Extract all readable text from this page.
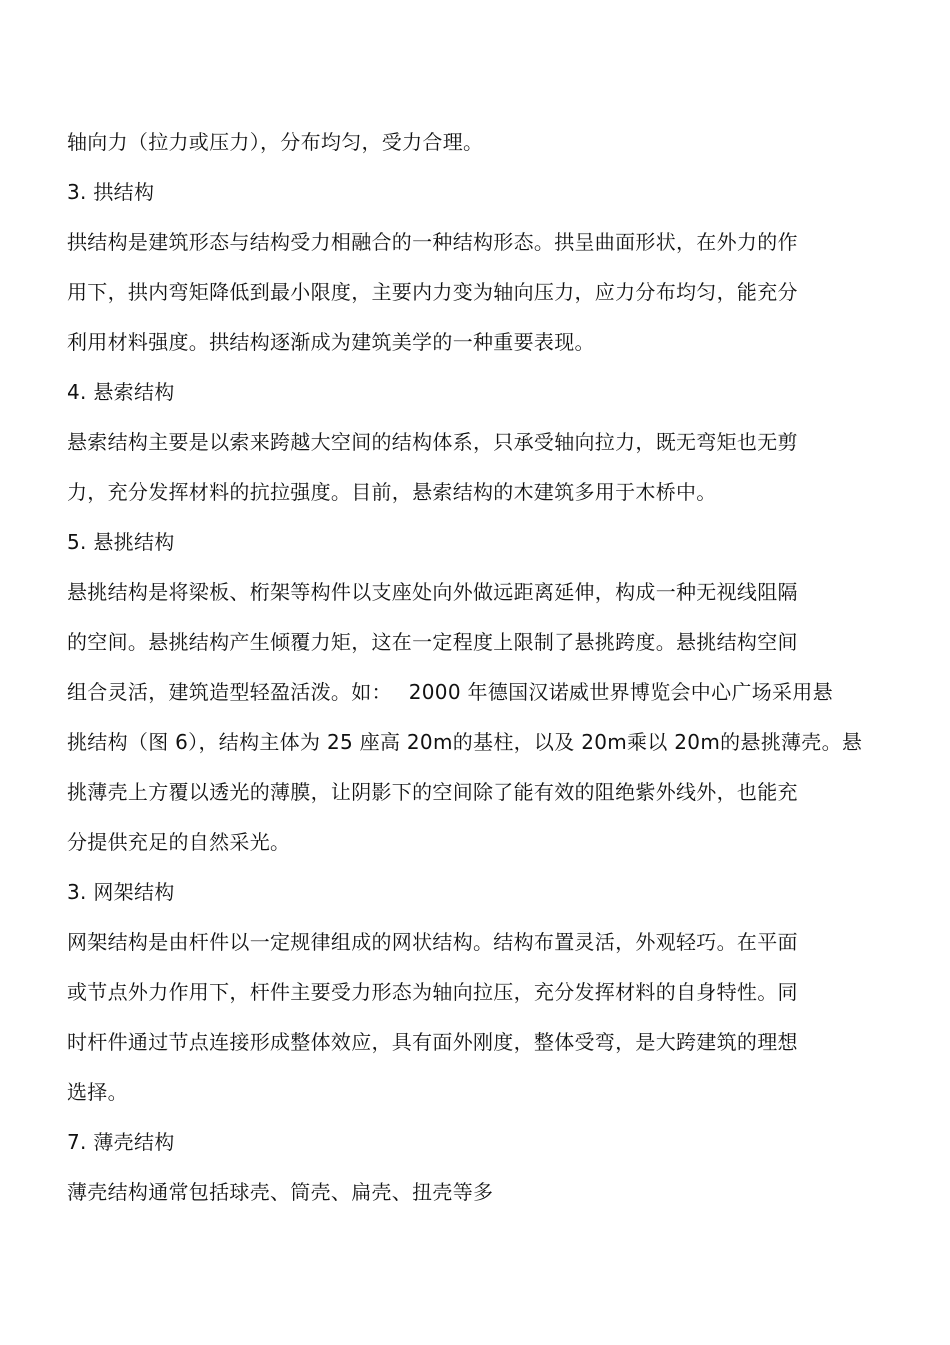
轴向力（拉力或压力），分布均匀，受力合理。
3. 拱结构
拱结构是建筑形态与结构受力相融合的一种结构形态。拱呈曲面形状，在外力的作
用下，拱内弯矩降低到最小限度，主要内力变为轴向压力，应力分布均匀，能充分
利用材料强度。拱结构逐渐成为建筑美学的一种重要表现。
4. 悬索结构
悬索结构主要是以索来跨越大空间的结构体系，只承受轴向拉力，既无弯矩也无剪
力，充分发挥材料的抗拉强度。目前，悬索结构的木建筑多用于木桥中。
5. 悬挑结构
悬挑结构是将梁板、桁架等构件以支座处向外做远距离延伸，构成一种无视线阻隔
的空间。悬挑结构产生倾覆力矩，这在一定程度上限制了悬挑跨度。悬挑结构空间
组合灵活，建筑造型轻盈活泼。如：　 2000 年德国汉诺威世界博览会中心广场采用悬
挑结构（图 6），结构主体为 25 座高 20m的基柱，以及 20m乘以 20m的悬挑薄壳。悬
挑薄壳上方覆以透光的薄膜，让阴影下的空间除了能有效的阻绝紫外线外，也能充
分提供充足的自然采光。
3. 网架结构
网架结构是由杆件以一定规律组成的网状结构。结构布置灵活，外观轻巧。在平面
或节点外力作用下，杆件主要受力形态为轴向拉压，充分发挥材料的自身特性。同
时杆件通过节点连接形成整体效应，具有面外刚度，整体受弯，是大跨建筑的理想
选择。
7. 薄壳结构
薄壳结构通常包括球壳、筒壳、扁壳、扭壳等多
